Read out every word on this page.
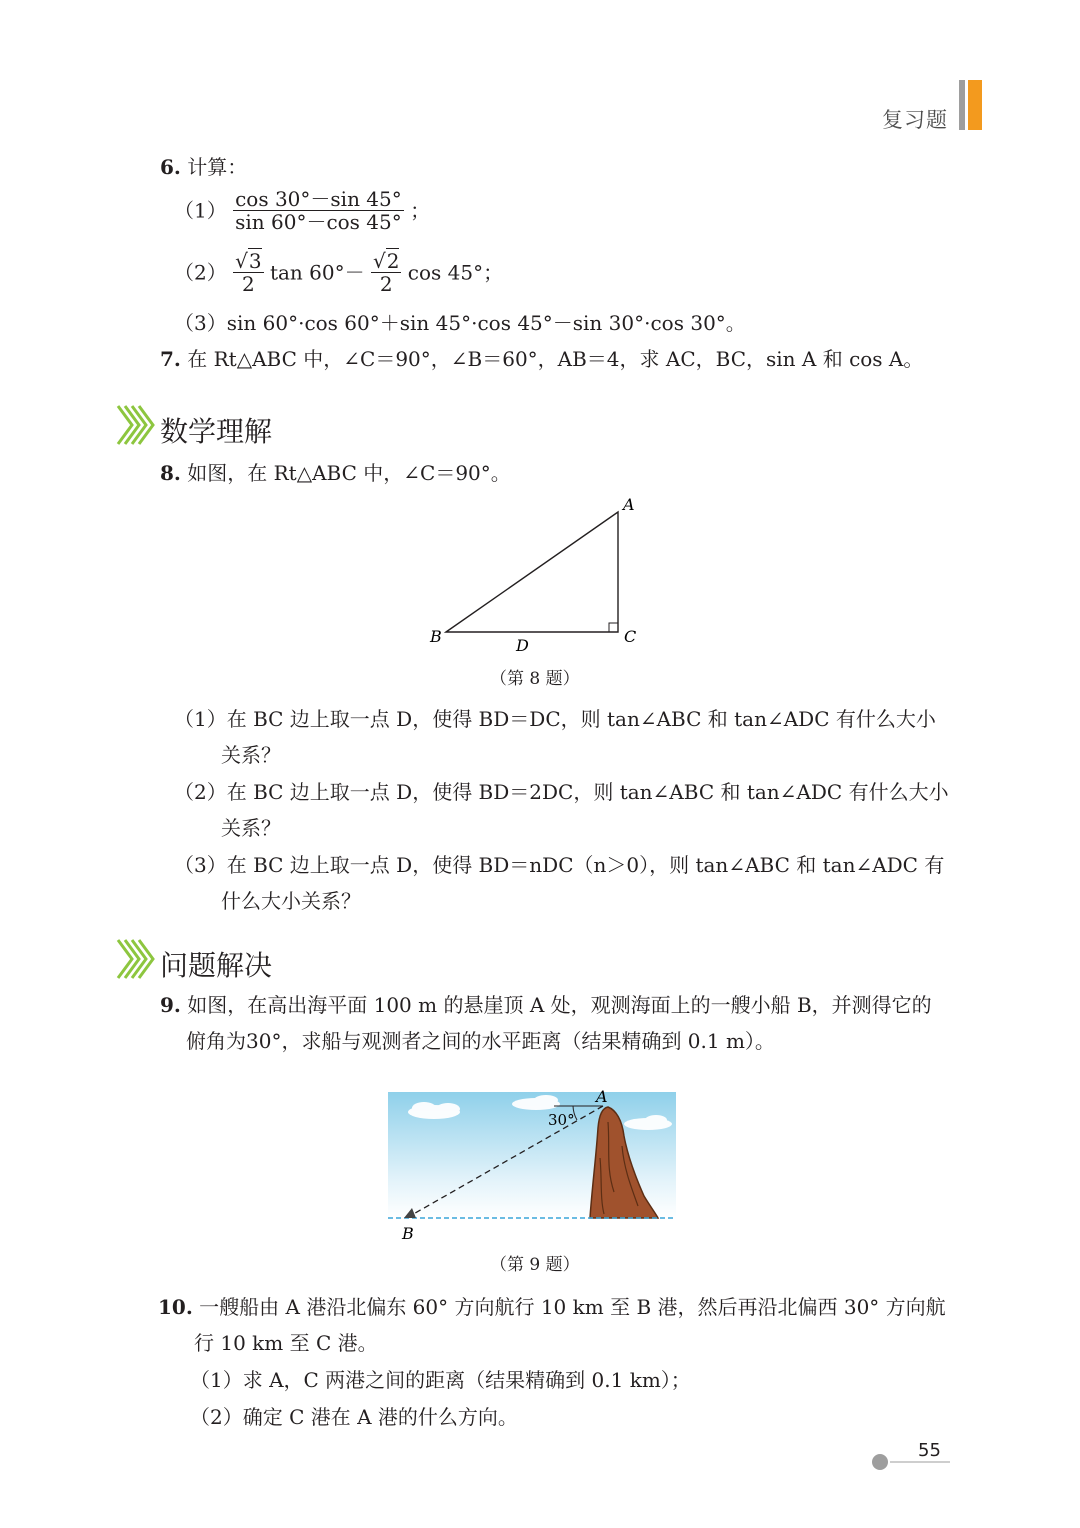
复习题
6. 计算：
$(1) \frac{\cos 30^\circ-\sin 45^\circ}{\sin 60^\circ-\cos 45^\circ}$ ；
$(2) \frac{√3}{2}$ $\tan 60^\circ- \frac{√2}{2}$ cos 45°；
（3）sin 60°·cos 60°＋sin 45°·cos 45°－sin 30°·cos 30°。
7. 在 Rt△ABC 中，∠C＝90°，∠B＝60°，AB＝4，求 AC，BC，sin A 和 cos A。
数学理解
8. 如图，在 Rt△ABC 中，∠C＝90°。
A
B	C
D
（第 8 题）
（1）在 BC 边上取一点 D，使得 BD＝DC，则 tan∠ABC 和 tan∠ADC 有什么大小
关系？
（2）在 BC 边上取一点 D，使得 BD＝2DC，则 tan∠ABC 和 tan∠ADC 有什么大小
关系？
（3）在 BC 边上取一点 D，使得 BD＝nDC（n＞0），则 tan∠ABC 和 tan∠ADC 有
什么大小关系？
问题解决
9. 如图，在高出海平面 100 m 的悬崖顶 A 处，观测海面上的一艘小船 B，并测得它的
俯角为30°，求船与观测者之间的水平距离（结果精确到 0.1 m）。
30°
A
B
（第 9 题）
10. 一艘船由 A 港沿北偏东 60° 方向航行 10 km 至 B 港，然后再沿北偏西 30° 方向航
行 10 km 至 C 港。
（1）求 A，C 两港之间的距离（结果精确到 0.1 km）；
（2）确定 C 港在 A 港的什么方向。
55
